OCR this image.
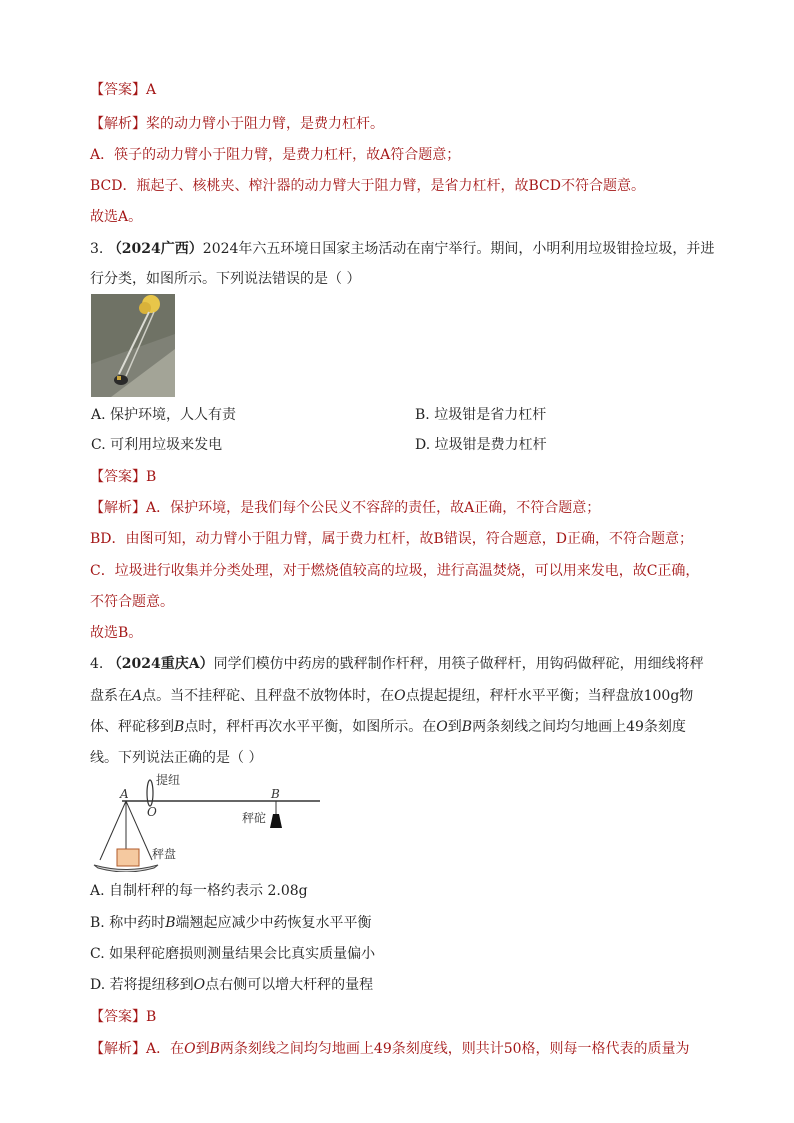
【答案】A
【解析】桨的动力臂小于阻力臂，是费力杠杆。
A．筷子的动力臂小于阻力臂，是费力杠杆，故A符合题意；
BCD．瓶起子、核桃夹、榨汁器的动力臂大于阻力臂，是省力杠杆，故BCD不符合题意。
故选A。
3. （2024广西）2024年六五环境日国家主场活动在南宁举行。期间，小明利用垃圾钳捡垃圾，并进
行分类，如图所示。下列说法错误的是（ ）
A. 保护环境，人人有责	B. 垃圾钳是省力杠杆
C. 可利用垃圾来发电	D. 垃圾钳是费力杠杆
【答案】B
【解析】A．保护环境，是我们每个公民义不容辞的责任，故A正确，不符合题意；
BD．由图可知，动力臂小于阻力臂，属于费力杠杆，故B错误，符合题意，D正确，不符合题意；
C．垃圾进行收集并分类处理，对于燃烧值较高的垃圾，进行高温焚烧，可以用来发电，故C正确，
不符合题意。
故选B。
4. （2024重庆A）同学们模仿中药房的戥秤制作杆秤，用筷子做秤杆，用钩码做秤砣，用细线将秤
盘系在A点。当不挂秤砣、且秤盘不放物体时，在O点提起提纽，秤杆水平平衡；当秤盘放100g物
体、秤砣移到B点时，秤杆再次水平平衡，如图所示。在O到B两条刻线之间均匀地画上49条刻度
线。下列说法正确的是（ ）
提纽
A
O
B
秤砣
秤盘
A. 自制杆秤的每一格约表示 2.08g
B. 称中药时B端翘起应减少中药恢复水平平衡
C. 如果秤砣磨损则测量结果会比真实质量偏小
D. 若将提纽移到O点右侧可以增大杆秤的量程
【答案】B
【解析】A．在O到B两条刻线之间均匀地画上49条刻度线，则共计50格，则每一格代表的质量为
